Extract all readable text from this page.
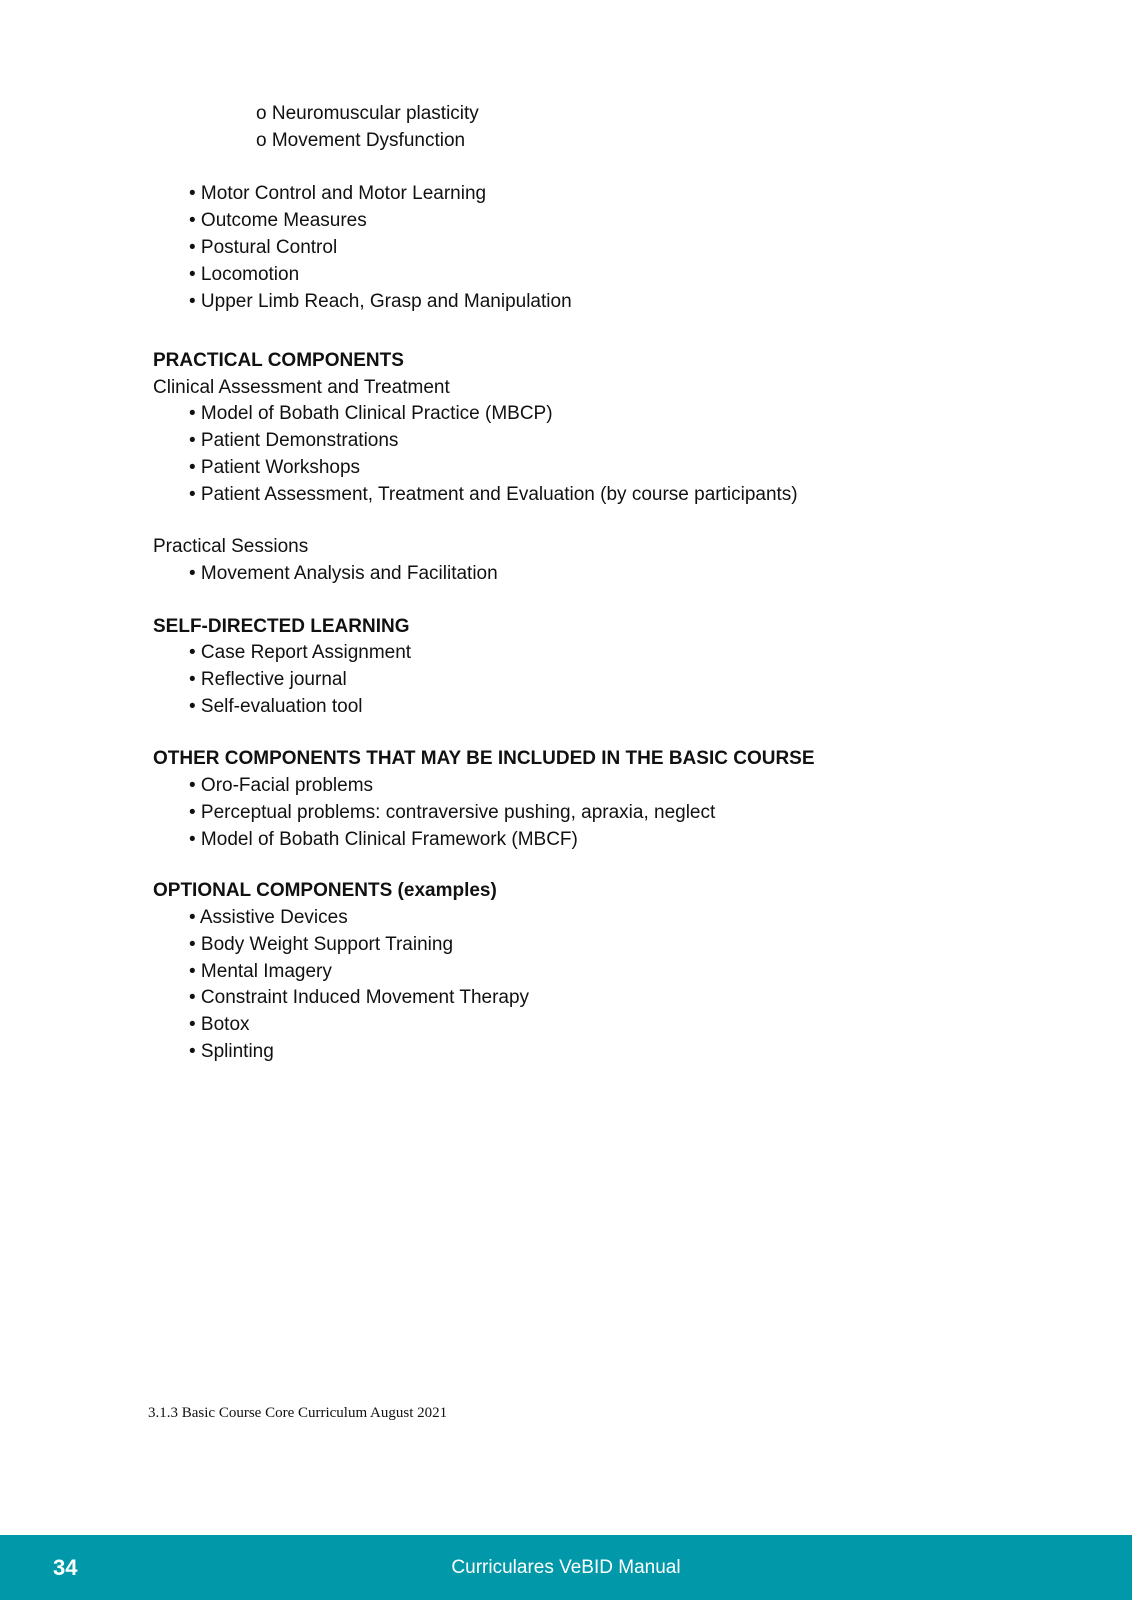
o Neuromuscular plasticity
o Movement Dysfunction
• Motor Control and Motor Learning
• Outcome Measures
• Postural Control
• Locomotion
• Upper Limb Reach, Grasp and Manipulation
PRACTICAL COMPONENTS
Clinical Assessment and Treatment
• Model of Bobath Clinical Practice (MBCP)
• Patient Demonstrations
• Patient Workshops
• Patient Assessment, Treatment and Evaluation (by course participants)
Practical Sessions
• Movement Analysis and Facilitation
SELF-DIRECTED LEARNING
• Case Report Assignment
• Reflective journal
• Self-evaluation tool
OTHER COMPONENTS THAT MAY BE INCLUDED IN THE BASIC COURSE
• Oro-Facial problems
• Perceptual problems: contraversive pushing, apraxia, neglect
• Model of Bobath Clinical Framework (MBCF)
OPTIONAL COMPONENTS (examples)
• Assistive Devices
• Body Weight Support Training
• Mental Imagery
• Constraint Induced Movement Therapy
• Botox
• Splinting
3.1.3 Basic Course Core Curriculum August 2021
34	Curriculares VeBID Manual
